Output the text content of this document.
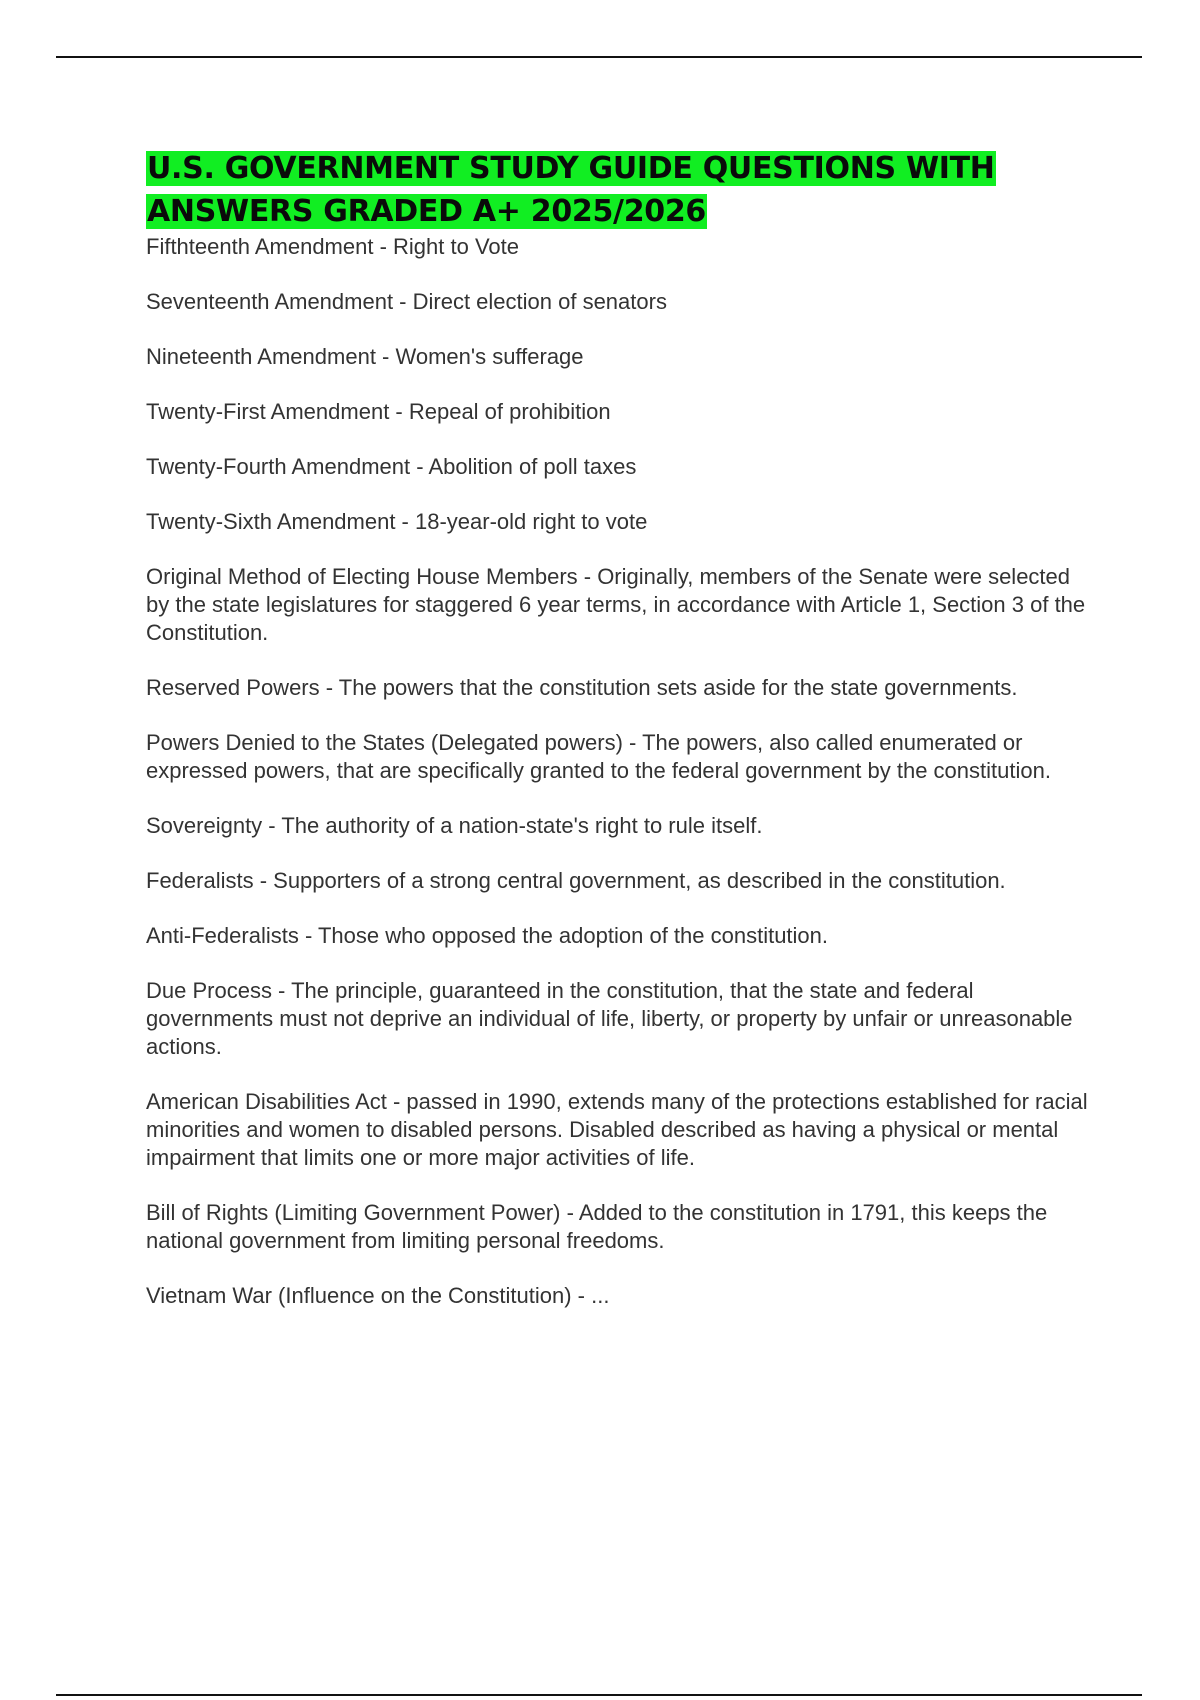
U.S. GOVERNMENT STUDY GUIDE QUESTIONS WITH ANSWERS GRADED A+ 2025/2026
Fifthteenth Amendment - Right to Vote
Seventeenth Amendment - Direct election of senators
Nineteenth Amendment - Women's sufferage
Twenty-First Amendment - Repeal of prohibition
Twenty-Fourth Amendment - Abolition of poll taxes
Twenty-Sixth Amendment - 18-year-old right to vote
Original Method of Electing House Members - Originally, members of the Senate were selected by the state legislatures for staggered 6 year terms, in accordance with Article 1, Section 3 of the Constitution.
Reserved Powers - The powers that the constitution sets aside for the state governments.
Powers Denied to the States (Delegated powers) - The powers, also called enumerated or expressed powers, that are specifically granted to the federal government by the constitution.
Sovereignty - The authority of a nation-state's right to rule itself.
Federalists - Supporters of a strong central government, as described in the constitution.
Anti-Federalists - Those who opposed the adoption of the constitution.
Due Process - The principle, guaranteed in the constitution, that the state and federal governments must not deprive an individual of life, liberty, or property by unfair or unreasonable actions.
American Disabilities Act - passed in 1990, extends many of the protections established for racial minorities and women to disabled persons. Disabled described as having a physical or mental impairment that limits one or more major activities of life.
Bill of Rights (Limiting Government Power) - Added to the constitution in 1791, this keeps the national government from limiting personal freedoms.
Vietnam War (Influence on the Constitution) - ...
